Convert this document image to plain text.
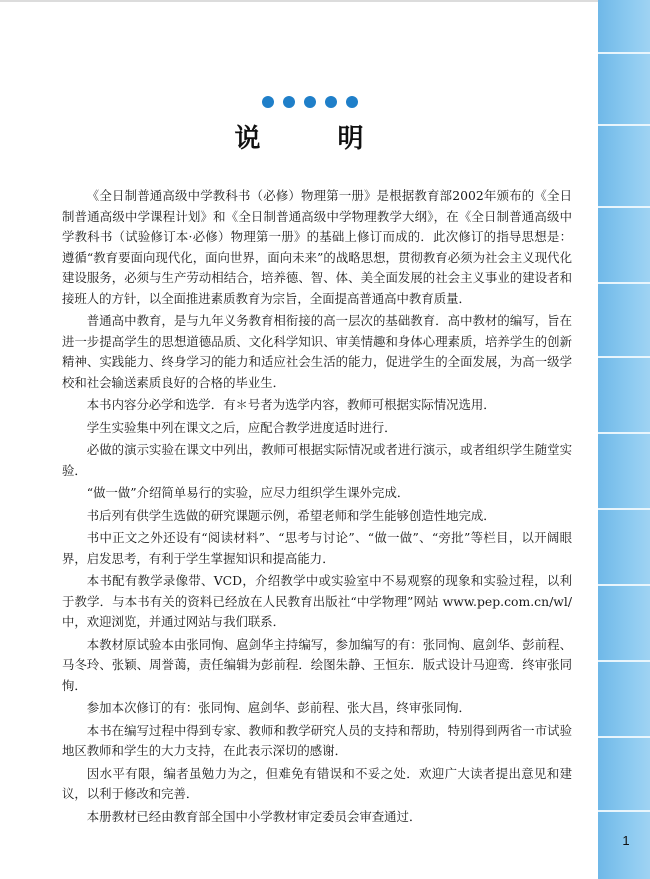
说 明

《全日制普通高级中学教科书（必修）物理第一册》是根据教育部2002年颁布的《全日制普通高级中学课程计划》和《全日制普通高级中学物理教学大纲》，在《全日制普通高级中学教科书（试验修订本·必修）物理第一册》的基础上修订而成的．此次修订的指导思想是：遵循“教育要面向现代化，面向世界，面向未来”的战略思想，贯彻教育必须为社会主义现代化建设服务，必须与生产劳动相结合，培养德、智、体、美全面发展的社会主义事业的建设者和接班人的方针，以全面推进素质教育为宗旨，全面提高普通高中教育质量．

普通高中教育，是与九年义务教育相衔接的高一层次的基础教育．高中教材的编写，旨在进一步提高学生的思想道德品质、文化科学知识、审美情趣和身体心理素质，培养学生的创新精神、实践能力、终身学习的能力和适应社会生活的能力，促进学生的全面发展，为高一级学校和社会输送素质良好的合格的毕业生．

本书内容分必学和选学．有＊号者为选学内容，教师可根据实际情况选用．

学生实验集中列在课文之后，应配合教学进度适时进行．

必做的演示实验在课文中列出，教师可根据实际情况或者进行演示，或者组织学生随堂实验．

“做一做”介绍简单易行的实验，应尽力组织学生课外完成．

书后列有供学生选做的研究课题示例，希望老师和学生能够创造性地完成．

书中正文之外还设有“阅读材料”、“思考与讨论”、“做一做”、“旁批”等栏目，以开阔眼界，启发思考，有利于学生掌握知识和提高能力．

本书配有教学录像带、VCD，介绍教学中或实验室中不易观察的现象和实验过程，以利于教学．与本书有关的资料已经放在人民教育出版社“中学物理”网站 www.pep.com.cn/wl/中，欢迎浏览，并通过网站与我们联系．

本教材原试验本由张同恂、扈剑华主持编写，参加编写的有：张同恂、扈剑华、彭前程、马冬玲、张颖、周誉蔼，责任编辑为彭前程．绘图朱静、王恒东．版式设计马迎鸾．终审张同恂．

参加本次修订的有：张同恂、扈剑华、彭前程、张大昌，终审张同恂．

本书在编写过程中得到专家、教师和教学研究人员的支持和帮助，特别得到两省一市试验地区教师和学生的大力支持，在此表示深切的感谢．

因水平有限，编者虽勉力为之，但难免有错误和不妥之处．欢迎广大读者提出意见和建议，以利于修改和完善．

本册教材已经由教育部全国中小学教材审定委员会审查通过．

1
